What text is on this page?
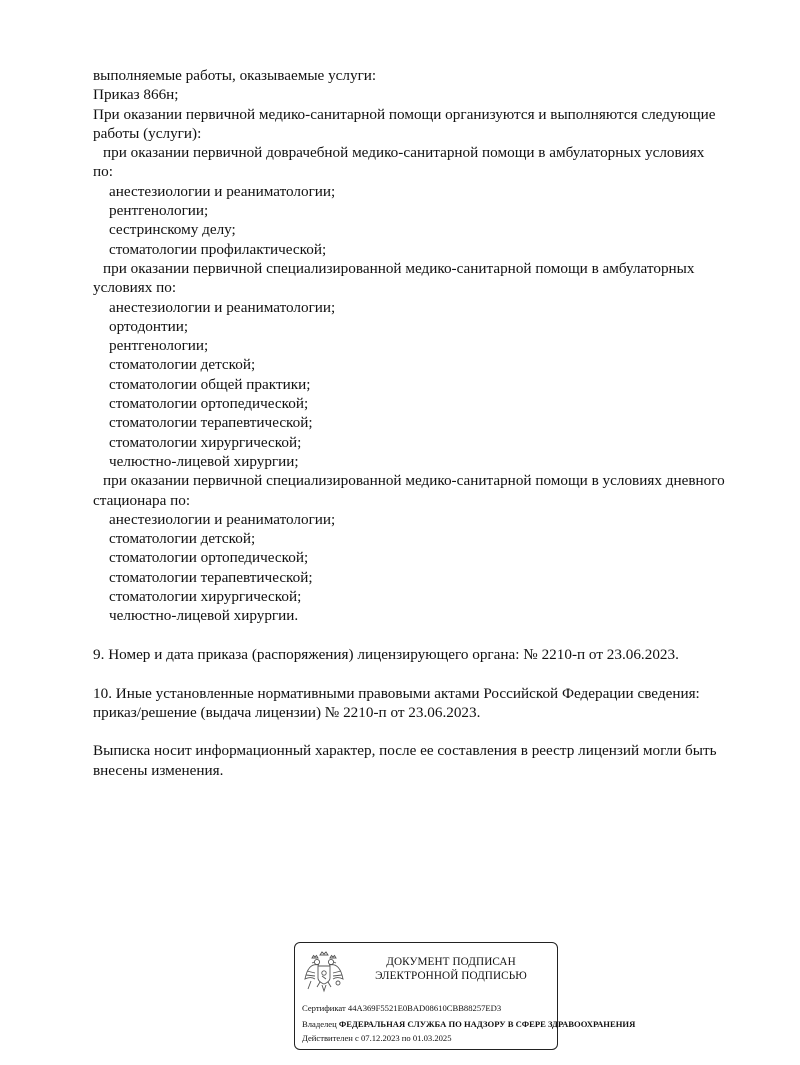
выполняемые работы, оказываемые услуги:
Приказ 866н;
При оказании первичной медико-санитарной помощи организуются и выполняются следующие
работы (услуги):
при оказании первичной доврачебной медико-санитарной помощи в амбулаторных условиях
по:
анестезиологии и реаниматологии;
рентгенологии;
сестринскому делу;
стоматологии профилактической;
при оказании первичной специализированной медико-санитарной помощи в амбулаторных
условиях по:
анестезиологии и реаниматологии;
ортодонтии;
рентгенологии;
стоматологии детской;
стоматологии общей практики;
стоматологии ортопедической;
стоматологии терапевтической;
стоматологии хирургической;
челюстно-лицевой хирургии;
при оказании первичной специализированной медико-санитарной помощи в условиях дневного
стационара по:
анестезиологии и реаниматологии;
стоматологии детской;
стоматологии ортопедической;
стоматологии терапевтической;
стоматологии хирургической;
челюстно-лицевой хирургии.
9. Номер и дата приказа (распоряжения) лицензирующего органа: № 2210-п от 23.06.2023.
10. Иные установленные нормативными правовыми актами Российской Федерации сведения:
приказ/решение (выдача лицензии) № 2210-п от 23.06.2023.
Выписка носит информационный характер, после ее составления в реестр лицензий могли быть
внесены изменения.
ДОКУМЕНТ ПОДПИСАН
ЭЛЕКТРОННОЙ ПОДПИСЬЮ
Сертификат 44A369F5521E0BAD08610CBB88257ED3
Владелец ФЕДЕРАЛЬНАЯ СЛУЖБА ПО НАДЗОРУ В СФЕРЕ ЗДРАВООХРАНЕНИЯ
Действителен с 07.12.2023 по 01.03.2025
